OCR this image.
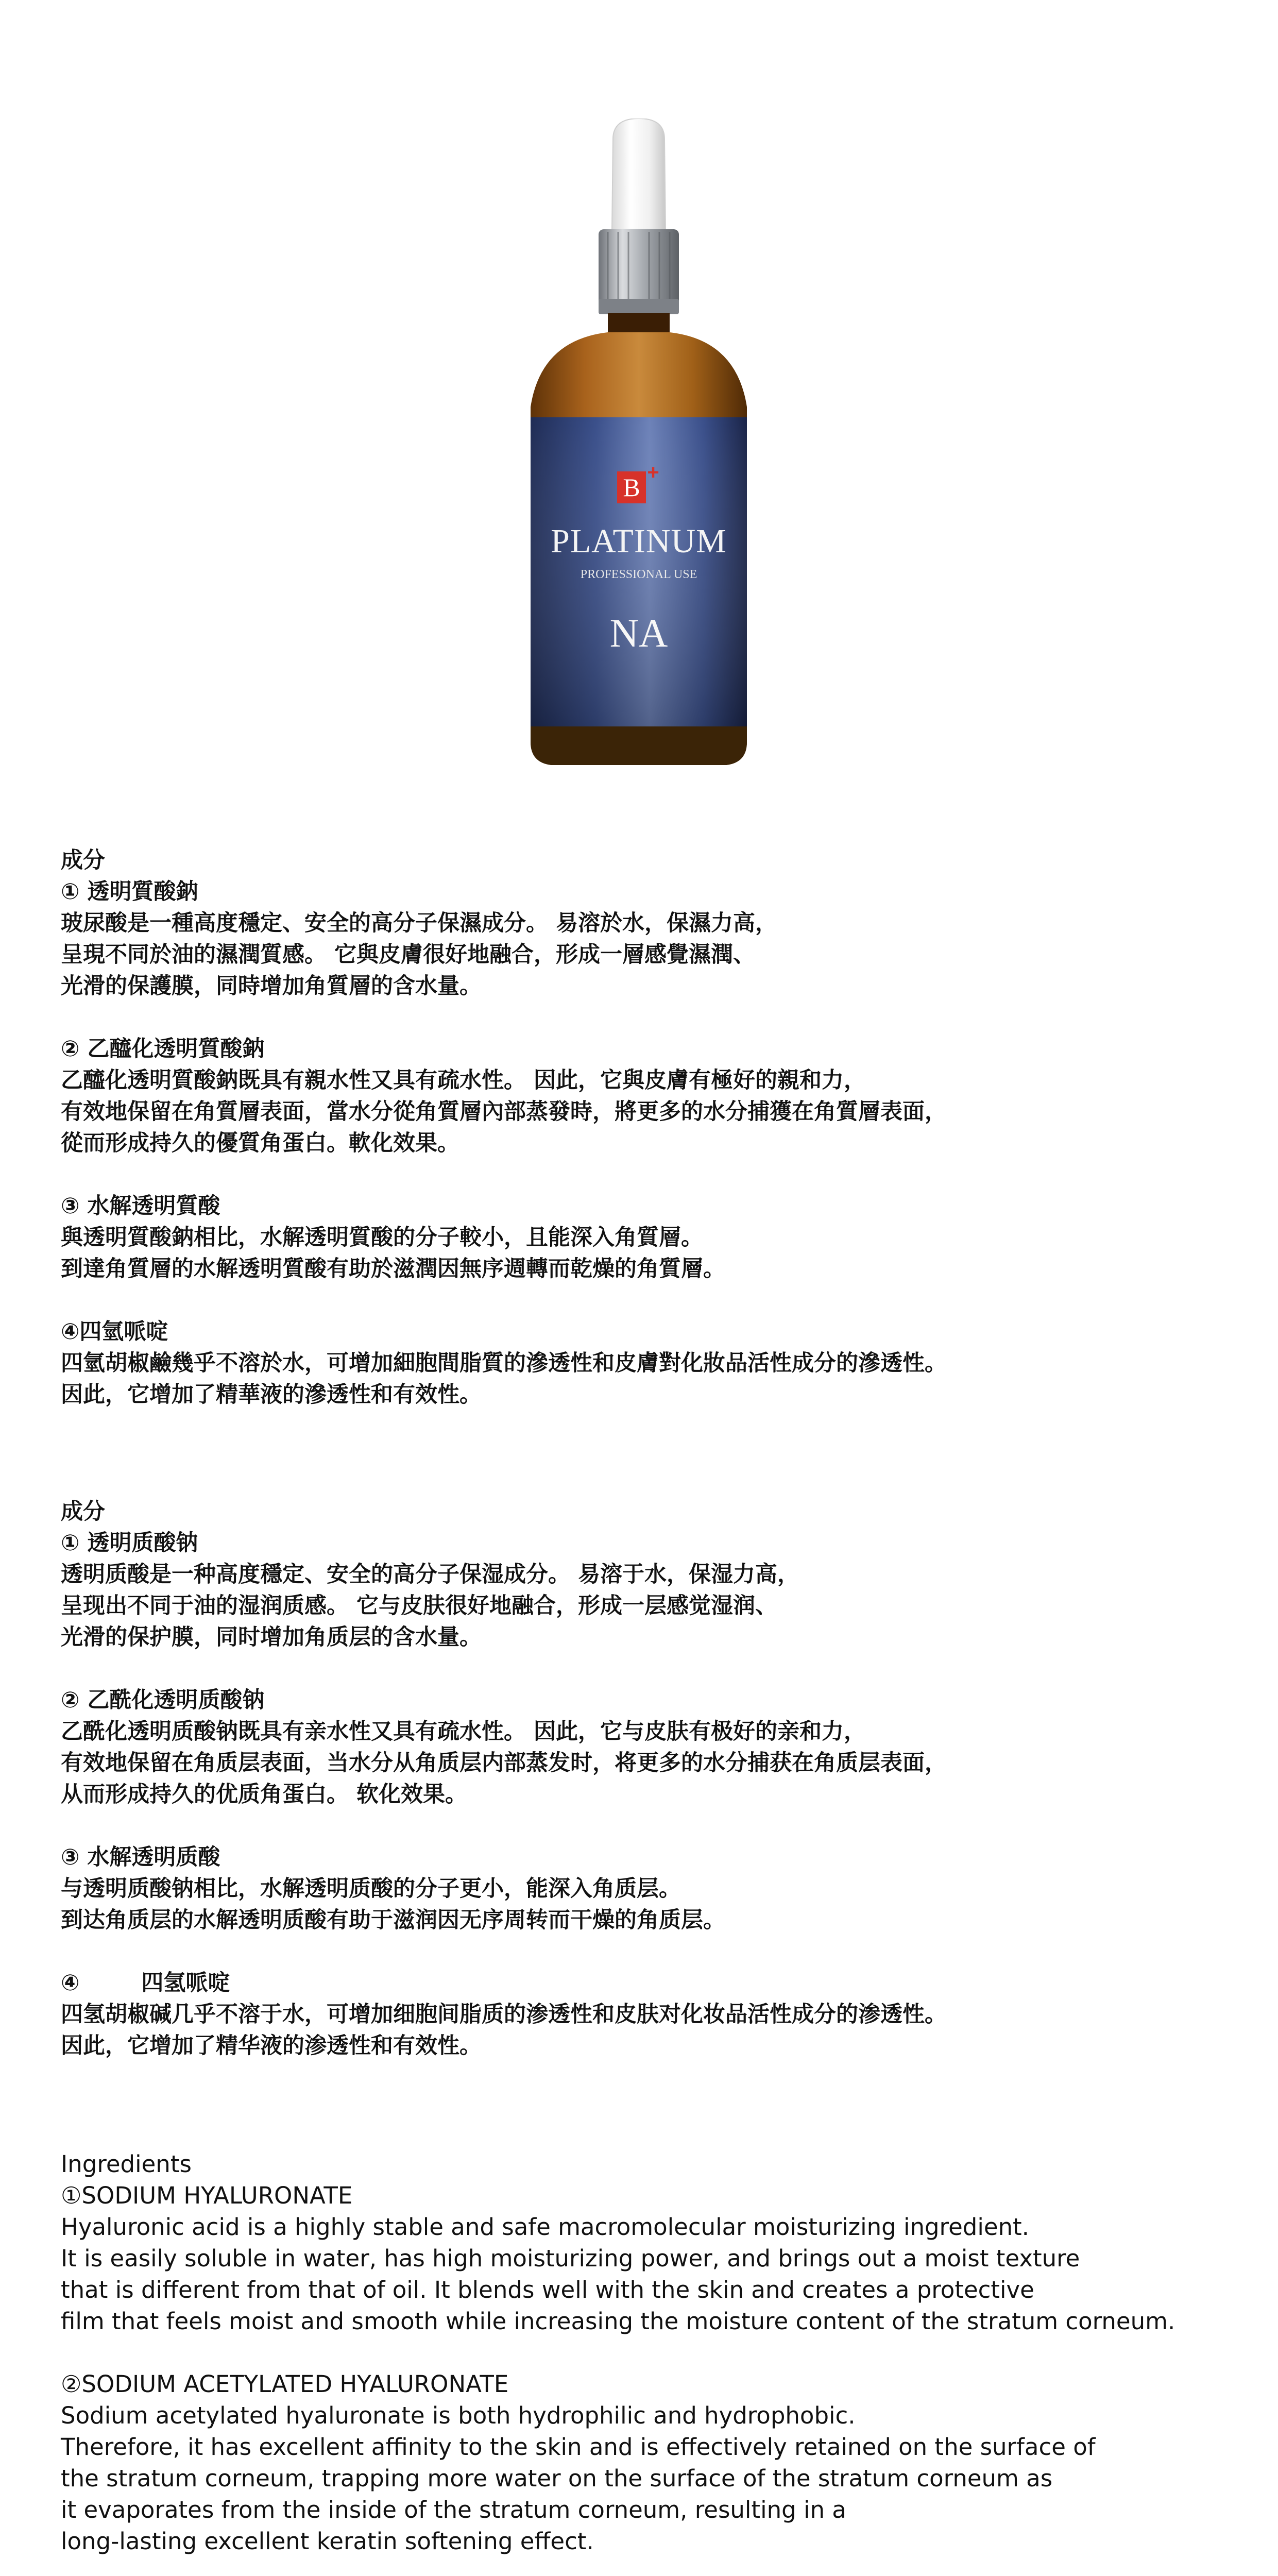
B
+
PLATINUM
PROFESSIONAL USE
NA
成分
① 透明質酸鈉
玻尿酸是一種高度穩定、安全的高分子保濕成分。 易溶於水，保濕力高，
呈現不同於油的濕潤質感。 它與皮膚很好地融合，形成一層感覺濕潤、
光滑的保護膜，同時增加角質層的含水量。
② 乙醯化透明質酸鈉
乙醯化透明質酸鈉既具有親水性又具有疏水性。 因此，它與皮膚有極好的親和力，
有效地保留在角質層表面，當水分從角質層內部蒸發時，將更多的水分捕獲在角質層表面，
從而形成持久的優質角蛋白。軟化效果。
③ 水解透明質酸
與透明質酸鈉相比，水解透明質酸的分子較小，且能深入角質層。
到達角質層的水解透明質酸有助於滋潤因無序週轉而乾燥的角質層。
④四氫哌啶
四氫胡椒鹼幾乎不溶於水，可增加細胞間脂質的滲透性和皮膚對化妝品活性成分的滲透性。
因此，它增加了精華液的滲透性和有效性。
成分
① 透明质酸钠
透明质酸是一种高度穩定、安全的高分子保湿成分。 易溶于水，保湿力高，
呈现出不同于油的湿润质感。 它与皮肤很好地融合，形成一层感觉湿润、
光滑的保护膜，同时增加角质层的含水量。
② 乙酰化透明质酸钠
乙酰化透明质酸钠既具有亲水性又具有疏水性。 因此，它与皮肤有极好的亲和力，
有效地保留在角质层表面，当水分从角质层内部蒸发时，将更多的水分捕获在角质层表面，
从而形成持久的优质角蛋白。 软化效果。
③ 水解透明质酸
与透明质酸钠相比，水解透明质酸的分子更小，能深入角质层。
到达角质层的水解透明质酸有助于滋润因无序周转而干燥的角质层。
④	四氢哌啶
四氢胡椒碱几乎不溶于水，可增加细胞间脂质的渗透性和皮肤对化妆品活性成分的渗透性。
因此，它增加了精华液的渗透性和有效性。
Ingredients
①SODIUM HYALURONATE
Hyaluronic acid is a highly stable and safe macromolecular moisturizing ingredient.
It is easily soluble in water, has high moisturizing power, and brings out a moist texture
that is different from that of oil. It blends well with the skin and creates a protective
film that feels moist and smooth while increasing the moisture content of the stratum corneum.
②SODIUM ACETYLATED HYALURONATE
Sodium acetylated hyaluronate is both hydrophilic and hydrophobic.
Therefore, it has excellent affinity to the skin and is effectively retained on the surface of
the stratum corneum, trapping more water on the surface of the stratum corneum as
it evaporates from the inside of the stratum corneum, resulting in a
long-lasting excellent keratin softening effect.
